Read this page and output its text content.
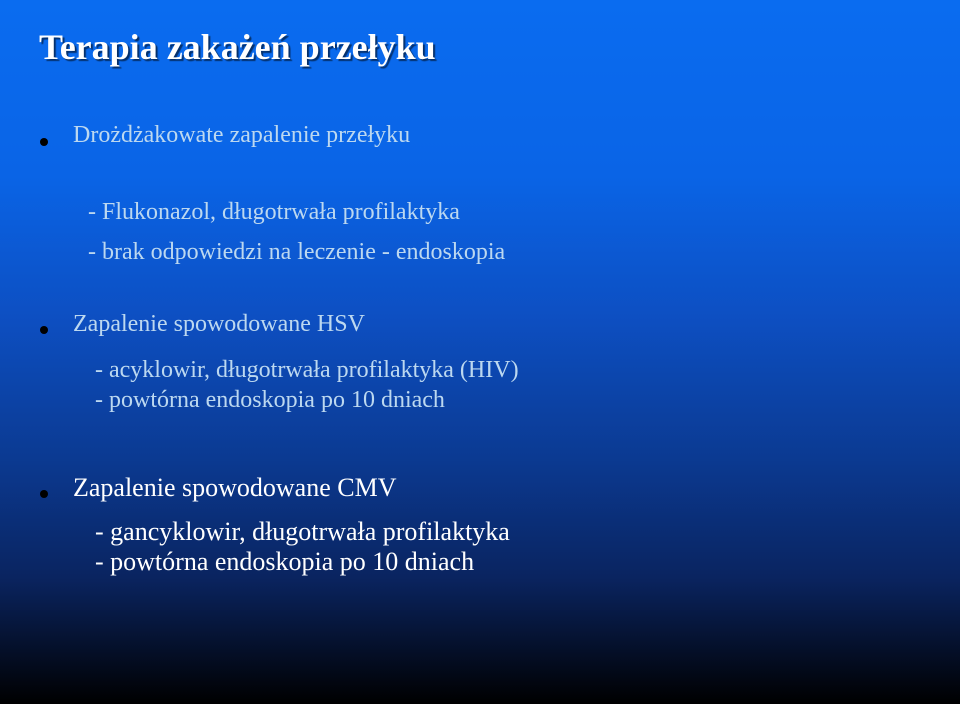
Terapia zakażeń przełyku
Drożdżakowate zapalenie przełyku
- Flukonazol, długotrwała profilaktyka
- brak odpowiedzi na leczenie - endoskopia
Zapalenie spowodowane HSV
- acyklowir, długotrwała profilaktyka (HIV)
- powtórna endoskopia po 10 dniach
Zapalenie spowodowane CMV
- gancyklowir, długotrwała profilaktyka
- powtórna endoskopia po 10 dniach
